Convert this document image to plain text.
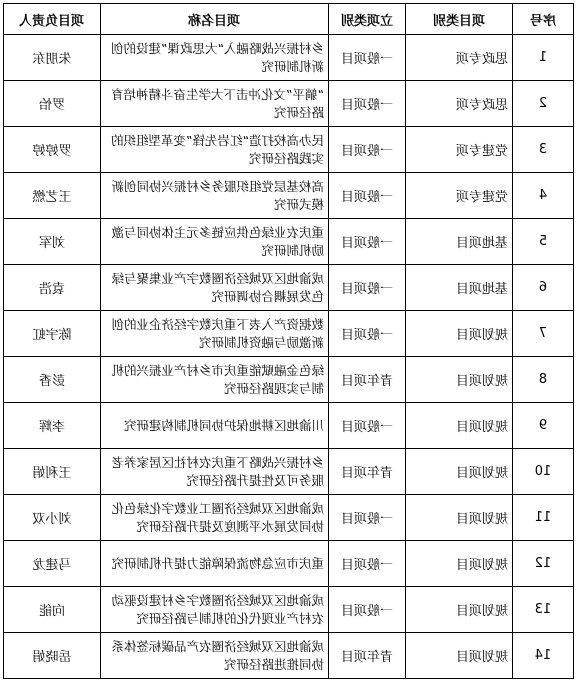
项目负责人	项目名称	立项类别	项目类别	序号

朱朋东	乡村振兴战略融入“大思政课”建设的创新机制研究	一般项目	思政专项	1

罗怡	“躺平”文化冲击下大学生奋斗精神培育路径研究	一般项目	思政专项	2

罗婷婷	民办高校打造“红岩先锋”变革型组织的实践路径研究	一般项目	党建专项	3

王艺燃	高校基层党组织服务乡村振兴协同创新模式研究	一般项目	党建专项	4

刘军	重庆农业绿色供应链多元主体协同与激励机制研究	一般项目	基地项目	5

袁浩	成渝地区双城经济圈数字产业集聚与绿色发展耦合协调研究	一般项目	基地项目	6

陈宇虹	数据资产入表下重庆数字经济企业的创新激励与融资机制研究	一般项目	规划项目	7

彭香	绿色金融赋能重庆市乡村产业振兴的机制与实现路径研究	青年项目	规划项目	8

李辉	川渝地区耕地保护协同机制构建研究	一般项目	规划项目	9

王利娟	乡村振兴战略下重庆农村社区居家养老服务可及性提升路径研究	青年项目	规划项目	10

刘小双	成渝地区双城经济圈工业数字化绿色化协同发展水平测度及提升路径研究	一般项目	规划项目	11

马建龙	重庆市应急物流保障能力提升机制研究	一般项目	规划项目	12

向能	成渝地区双城经济圈数字乡村建设驱动农村产业现代化的机制与路径研究	一般项目	规划项目	13

岳晓娟	成渝地区双城经济圈农产品碳标签体系协同推进路径研究	青年项目	规划项目	14
